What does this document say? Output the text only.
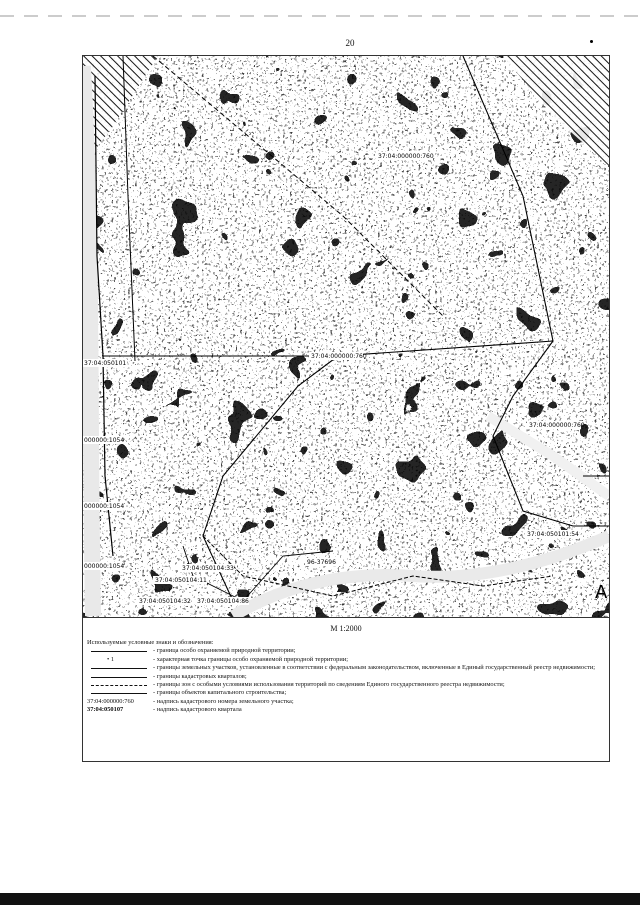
20
А
37:04:000000:760
37:04:000000:760
37:04:000000:760
000000:1054	37:04:050104:33
37:04:050104:32 37:04:050104:86
37:04:050101:54
37:04:050101
000000:1054
37:04:050104:11
000000:1054
96-37696
М 1:2000
Используемые условные знаки и обозначения:
- граница особо охраняемой природной территории;
• 1	- характерная точка границы особо охраняемой природной территории;
- границы земельных участков, установленные в соответствии с федеральным законодательством, включенные в Единый государственный реестр недвижимости;
- границы кадастровых кварталов;
- границы зон с особыми условиями использования территорий по сведениям Единого государственного реестра недвижимости;
- границы объектов капитального строительства;
37:04:000000:760	- надпись кадастрового номера земельного участка;
37:04:050107	- надпись кадастрового квартала
